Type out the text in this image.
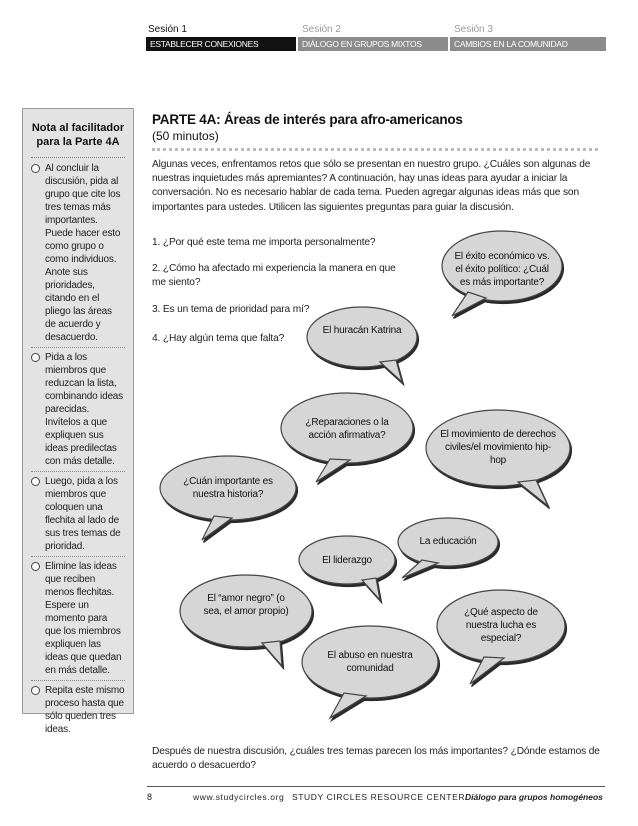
Sesión 1	Sesión 2	Sesión 3
ESTABLECER CONEXIONES	DIÁLOGO EN GRUPOS MIXTOS	CAMBIOS EN LA COMUNIDAD
Nota al facilitador para la Parte 4A
Al concluir la discusión, pida al grupo que cite los tres temas más importantes. Puede hacer esto como grupo o como individuos. Anote sus prioridades, citando en el pliego las áreas de acuerdo y desacuerdo.
Pida a los miembros que reduzcan la lista, combinando ideas parecidas. Invítelos a que expliquen sus ideas predilectas con más detalle.
Luego, pida a los miembros que coloquen una flechita al lado de sus tres temas de prioridad.
Elimine las ideas que reciben menos flechitas. Espere un momento para que los miembros expliquen las ideas que quedan en más detalle.
Repita este mismo proceso hasta que sólo queden tres ideas.
PARTE 4A: Áreas de interés para afro-americanos
(50 minutos)
Algunas veces, enfrentamos retos que sólo se presentan en nuestro grupo. ¿Cuáles son algunas de nuestras inquietudes más apremiantes? A continuación, hay unas ideas para ayudar a iniciar la conversación. No es necesario hablar de cada tema. Pueden agregar algunas ideas más que son importantes para ustedes. Utilicen las siguientes preguntas para guiar la discusión.
1. ¿Por qué este tema me importa personalmente?
2. ¿Cómo ha afectado mi experiencia la manera en que me siento?
3. Es un tema de prioridad para mí?
4. ¿Hay algún tema que falta?
El éxito económico vs. el éxito político: ¿Cuál es más importante?
El huracán Katrina
¿Reparaciones o la acción afirmativa?	El movimiento de derechos civiles/el movimiento hip-hop
¿Cuán importante es nuestra historia?
La educación
El liderazgo
El “amor negro” (o sea, el amor propio)	¿Qué aspecto de nuestra lucha es especial?
El abuso en nuestra comunidad
Después de nuestra discusión, ¿cuáles tres temas parecen los más importantes? ¿Dónde estamos de acuerdo o desacuerdo?
8	www.studycircles.org STUDY CIRCLES RESOURCE CENTER Diálogo para grupos homogéneos
